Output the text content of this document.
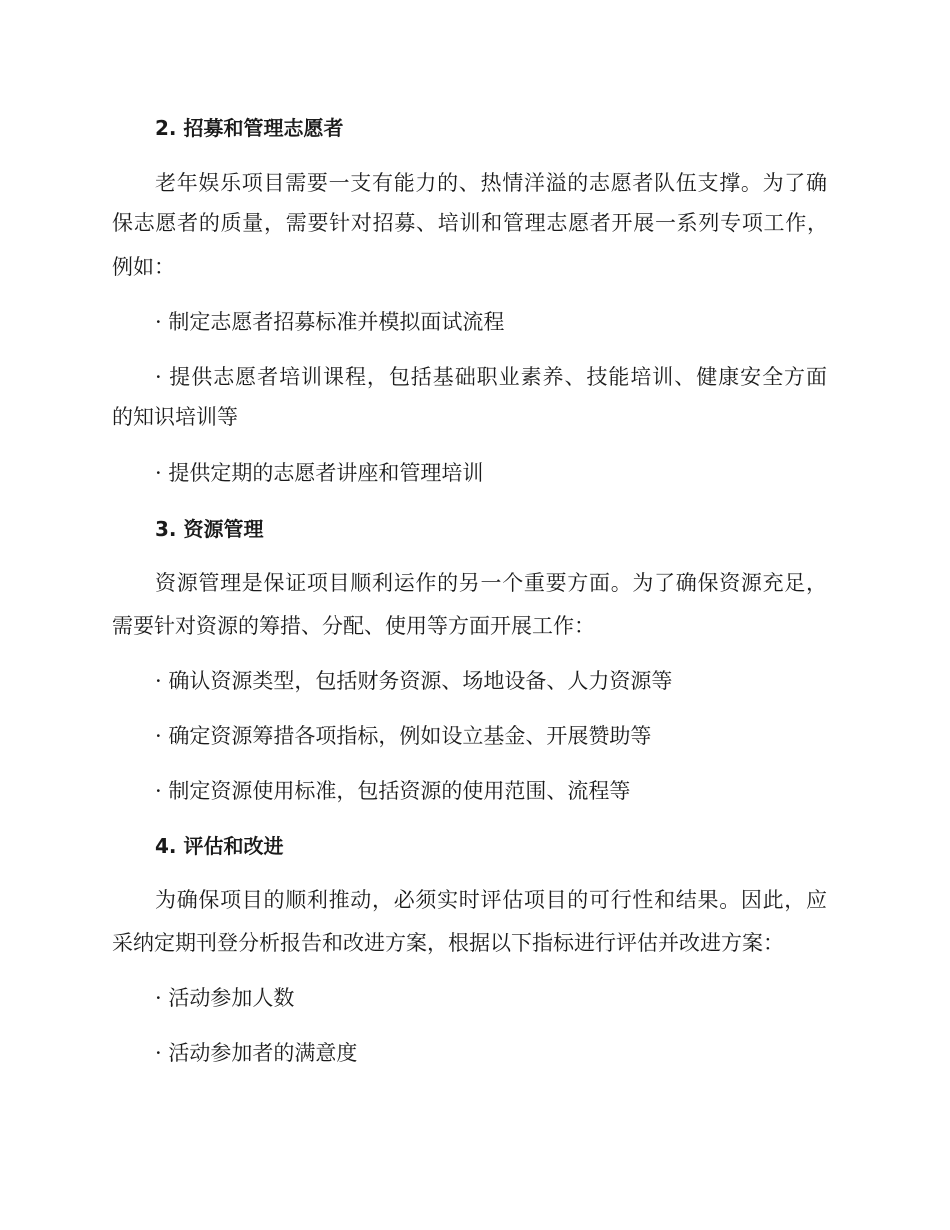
2. 招募和管理志愿者
老年娱乐项目需要一支有能力的、热情洋溢的志愿者队伍支撑。为了确
保志愿者的质量，需要针对招募、培训和管理志愿者开展一系列专项工作，
例如：
· 制定志愿者招募标准并模拟面试流程
· 提供志愿者培训课程，包括基础职业素养、技能培训、健康安全方面
的知识培训等
· 提供定期的志愿者讲座和管理培训
3. 资源管理
资源管理是保证项目顺利运作的另一个重要方面。为了确保资源充足，
需要针对资源的筹措、分配、使用等方面开展工作：
· 确认资源类型，包括财务资源、场地设备、人力资源等
· 确定资源筹措各项指标，例如设立基金、开展赞助等
· 制定资源使用标准，包括资源的使用范围、流程等
4. 评估和改进
为确保项目的顺利推动，必须实时评估项目的可行性和结果。因此，应
采纳定期刊登分析报告和改进方案，根据以下指标进行评估并改进方案：
· 活动参加人数
· 活动参加者的满意度
